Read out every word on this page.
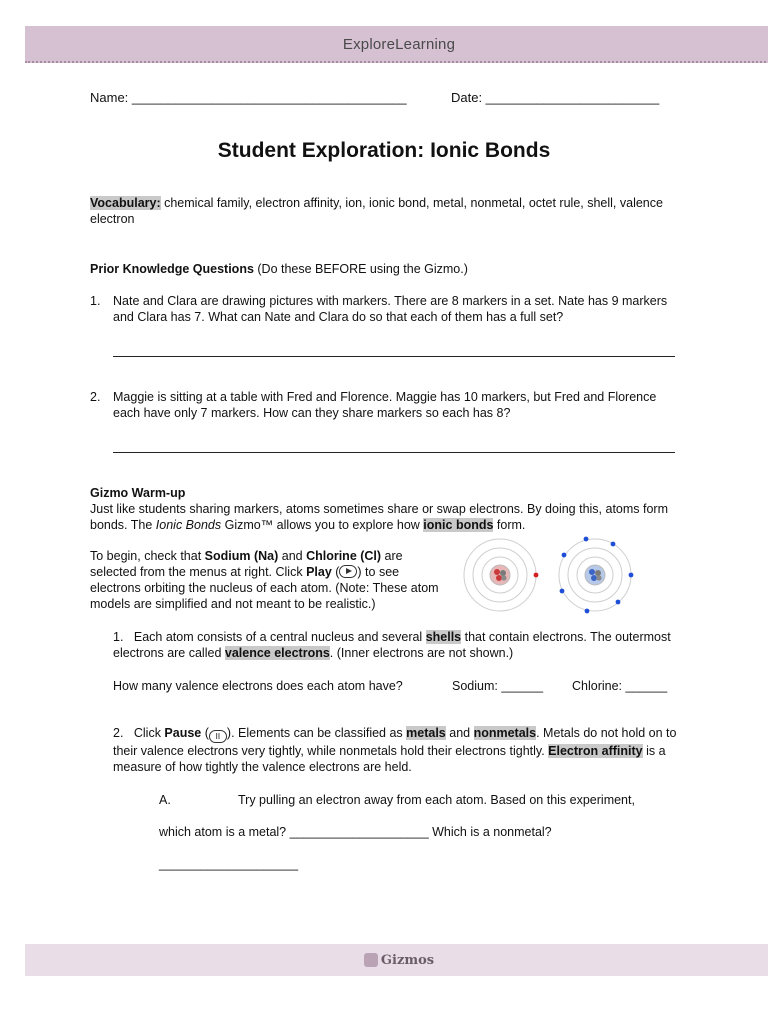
ExploreLearning
Name: ______________________________________	Date: ________________________
Student Exploration: Ionic Bonds
Vocabulary: chemical family, electron affinity, ion, ionic bond, metal, nonmetal, octet rule, shell, valence electron
Prior Knowledge Questions (Do these BEFORE using the Gizmo.)
1. Nate and Clara are drawing pictures with markers. There are 8 markers in a set. Nate has 9 markers and Clara has 7. What can Nate and Clara do so that each of them has a full set?
2. Maggie is sitting at a table with Fred and Florence. Maggie has 10 markers, but Fred and Florence each have only 7 markers. How can they share markers so each has 8?
Gizmo Warm-up
Just like students sharing markers, atoms sometimes share or swap electrons. By doing this, atoms form bonds. The Ionic Bonds Gizmo™ allows you to explore how ionic bonds form.
To begin, check that Sodium (Na) and Chlorine (Cl) are selected from the menus at right. Click Play ( ) to see electrons orbiting the nucleus of each atom. (Note: These atom models are simplified and not meant to be realistic.)
1. Each atom consists of a central nucleus and several shells that contain electrons. The outermost electrons are called valence electrons. (Inner electrons are not shown.)
How many valence electrons does each atom have?	Sodium: ______ Chlorine: ______
2. Click Pause ( II ). Elements can be classified as metals and nonmetals. Metals do not hold on to their valence electrons very tightly, while nonmetals hold their electrons tightly. Electron affinity is a measure of how tightly the valence electrons are held.
A.	Try pulling an electron away from each atom. Based on this experiment,
which atom is a metal? ____________________ Which is a nonmetal?
____________________
Gizmos
